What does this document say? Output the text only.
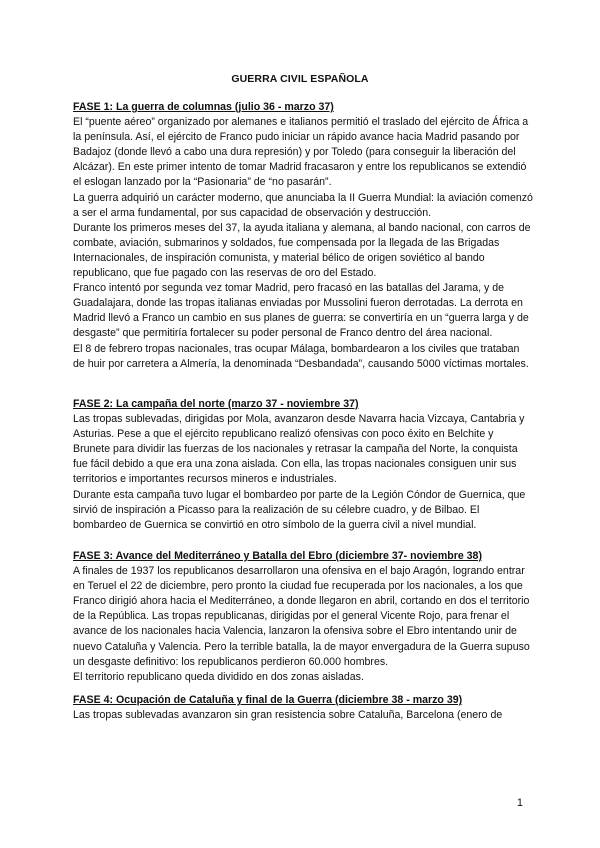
GUERRA CIVIL ESPAÑOLA
FASE 1: La guerra de columnas (julio 36 - marzo 37)

El “puente aéreo” organizado por alemanes e italianos permitió el traslado del ejército de África a la península. Así, el ejército de Franco pudo iniciar un rápido avance hacia Madrid pasando por Badajoz (donde llevó a cabo una dura represión) y por Toledo (para conseguir la liberación del Alcázar). En este primer intento de tomar Madrid fracasaron y entre los republicanos se extendió el eslogan lanzado por la “Pasionaria” de “no pasarán”.

La guerra adquirió un carácter moderno, que anunciaba la II Guerra Mundial: la aviación comenzó a ser el arma fundamental, por sus capacidad de observación y destrucción.

Durante los primeros meses del 37, la ayuda italiana y alemana, al bando nacional, con carros de combate, aviación, submarinos y soldados, fue compensada por la llegada de las Brigadas Internacionales, de inspiración comunista, y material bélico de origen soviético al bando republicano, que fue pagado con las reservas de oro del Estado.

Franco intentó por segunda vez tomar Madrid, pero fracasó en las batallas del Jarama, y de Guadalajara, donde las tropas italianas enviadas por Mussolini fueron derrotadas. La derrota en Madrid llevó a Franco un cambio en sus planes de guerra: se convertiría en un “guerra larga y de desgaste” que permitiría fortalecer su poder personal de Franco dentro del área nacional.

El 8 de febrero tropas nacionales, tras ocupar Málaga, bombardearon a los civiles que trataban de huir por carretera a Almería, la denominada “Desbandada”, causando 5000 víctimas mortales.

FASE 2: La campaña del norte (marzo 37 - noviembre 37)

Las tropas sublevadas, dirigidas por Mola, avanzaron desde Navarra hacia Vizcaya, Cantabria y Asturias. Pese a que el ejército republicano realizó ofensivas con poco éxito en Belchite y Brunete para dividir las fuerzas de los nacionales y retrasar la campaña del Norte, la conquista fue fácil debido a que era una zona aislada. Con ella, las tropas nacionales consiguen unir sus territorios e importantes recursos mineros e industriales.

Durante esta campaña tuvo lugar el bombardeo por parte de la Legión Cóndor de Guernica, que sirvió de inspiración a Picasso para la realización de su célebre cuadro, y de Bilbao. El bombardeo de Guernica se convirtió en otro símbolo de la guerra civil a nivel mundial.

FASE 3: Avance del Mediterráneo y Batalla del Ebro (diciembre 37- noviembre 38)

A finales de 1937 los republicanos desarrollaron una ofensiva en el bajo Aragón, logrando entrar en Teruel el 22 de diciembre, pero pronto la ciudad fue recuperada por los nacionales, a los que Franco dirigió ahora hacia el Mediterráneo, a donde llegaron en abril, cortando en dos el territorio de la República. Las tropas republicanas, dirigidas por el general Vicente Rojo, para frenar el avance de los nacionales hacia Valencia, lanzaron la ofensiva sobre el Ebro intentando unir de nuevo Cataluña y Valencia. Pero la terrible batalla, la de mayor envergadura de la Guerra supuso un desgaste definitivo: los republicanos perdieron 60.000 hombres.

El territorio republicano queda dividido en dos zonas aisladas.

FASE 4: Ocupación de Cataluña y final de la Guerra (diciembre 38 - marzo 39)

Las tropas sublevadas avanzaron sin gran resistencia sobre Cataluña, Barcelona (enero de

1
